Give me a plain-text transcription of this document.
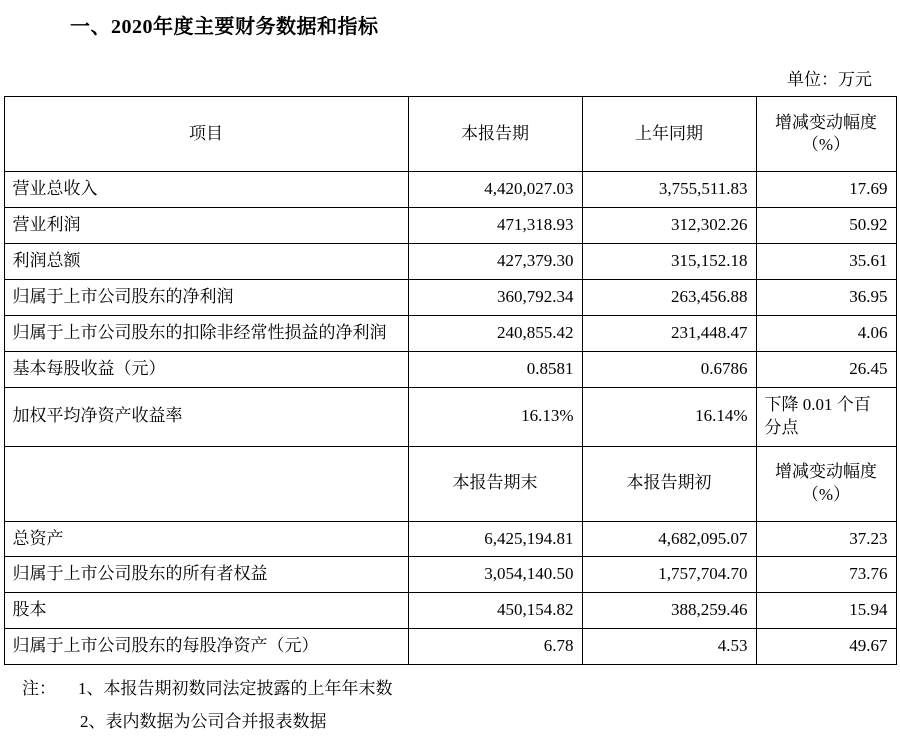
一、2020年度主要财务数据和指标
单位：万元
项目	本报告期	上年同期	增减变动幅度（%）
营业总收入	4,420,027.03	3,755,511.83	17.69
营业利润	471,318.93	312,302.26	50.92
利润总额	427,379.30	315,152.18	35.61
归属于上市公司股东的净利润	360,792.34	263,456.88	36.95
归属于上市公司股东的扣除非经常性损益的净利润	240,855.42	231,448.47	4.06
基本每股收益（元）	0.8581	0.6786	26.45
加权平均净资产收益率	16.13%	16.14%	下降 0.01 个百分点
	本报告期末	本报告期初	增减变动幅度（%）
总资产	6,425,194.81	4,682,095.07	37.23
归属于上市公司股东的所有者权益	3,054,140.50	1,757,704.70	73.76
股本	450,154.82	388,259.46	15.94
归属于上市公司股东的每股净资产（元）	6.78	4.53	49.67
注： 1、本报告期初数同法定披露的上年年末数
2、表内数据为公司合并报表数据
